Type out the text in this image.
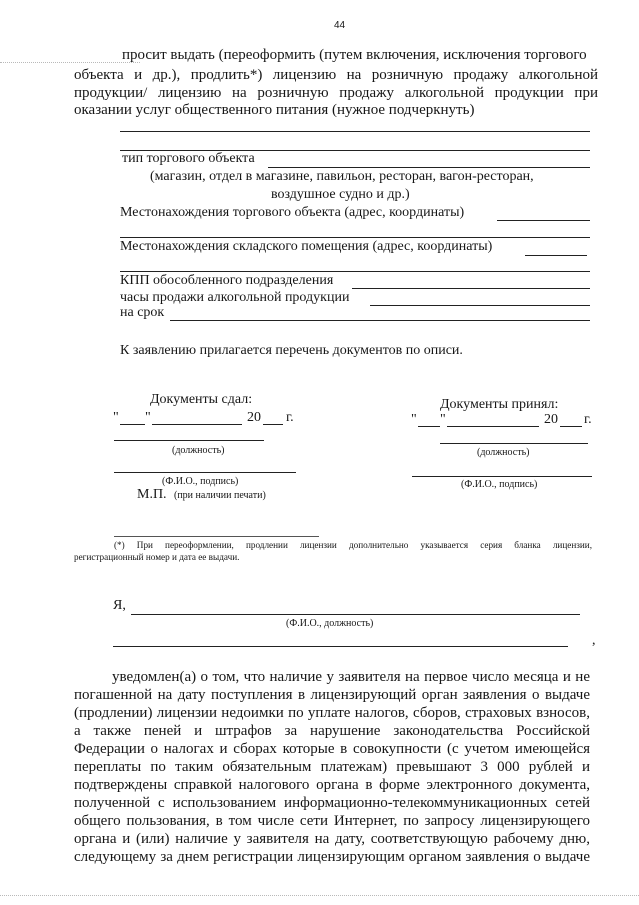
44
просит выдать (переоформить (путем включения, исключения торгового
объекта и др.), продлить*) лицензию на розничную продажу алкогольной
продукции/ лицензию на розничную продажу алкогольной продукции при
оказании услуг общественного питания (нужное подчеркнуть)
тип торгового объекта
(магазин, отдел в магазине, павильон, ресторан, вагон-ресторан,
воздушное судно и др.)
Местонахождения торгового объекта (адрес, координаты)
Местонахождения складского помещения (адрес, координаты)
КПП обособленного подразделения
часы продажи алкогольной продукции
на срок
К заявлению прилагается перечень документов по описи.
Документы сдал:
" "	20 г.
(должность)
(Ф.И.О., подпись)
М.П. (при наличии печати)
Документы принял:
" "	20 г.
(должность)
(Ф.И.О., подпись)
(*) При переоформлении, продлении лицензии дополнительно указывается серия бланка лицензии,
регистрационный номер и дата ее выдачи.
Я,
(Ф.И.О., должность)
,
уведомлен(а) о том, что наличие у заявителя на первое число месяца и не
погашенной на дату поступления в лицензирующий орган заявления о выдаче
(продлении) лицензии недоимки по уплате налогов, сборов, страховых взносов,
а также пеней и штрафов за нарушение законодательства Российской
Федерации о налогах и сборах которые в совокупности (с учетом имеющейся
переплаты по таким обязательным платежам) превышают 3 000 рублей и
подтверждены справкой налогового органа в форме электронного документа,
полученной с использованием информационно-телекоммуникационных сетей
общего пользования, в том числе сети Интернет, по запросу лицензирующего
органа и (или) наличие у заявителя на дату, соответствующую рабочему дню,
следующему за днем регистрации лицензирующим органом заявления о выдаче
